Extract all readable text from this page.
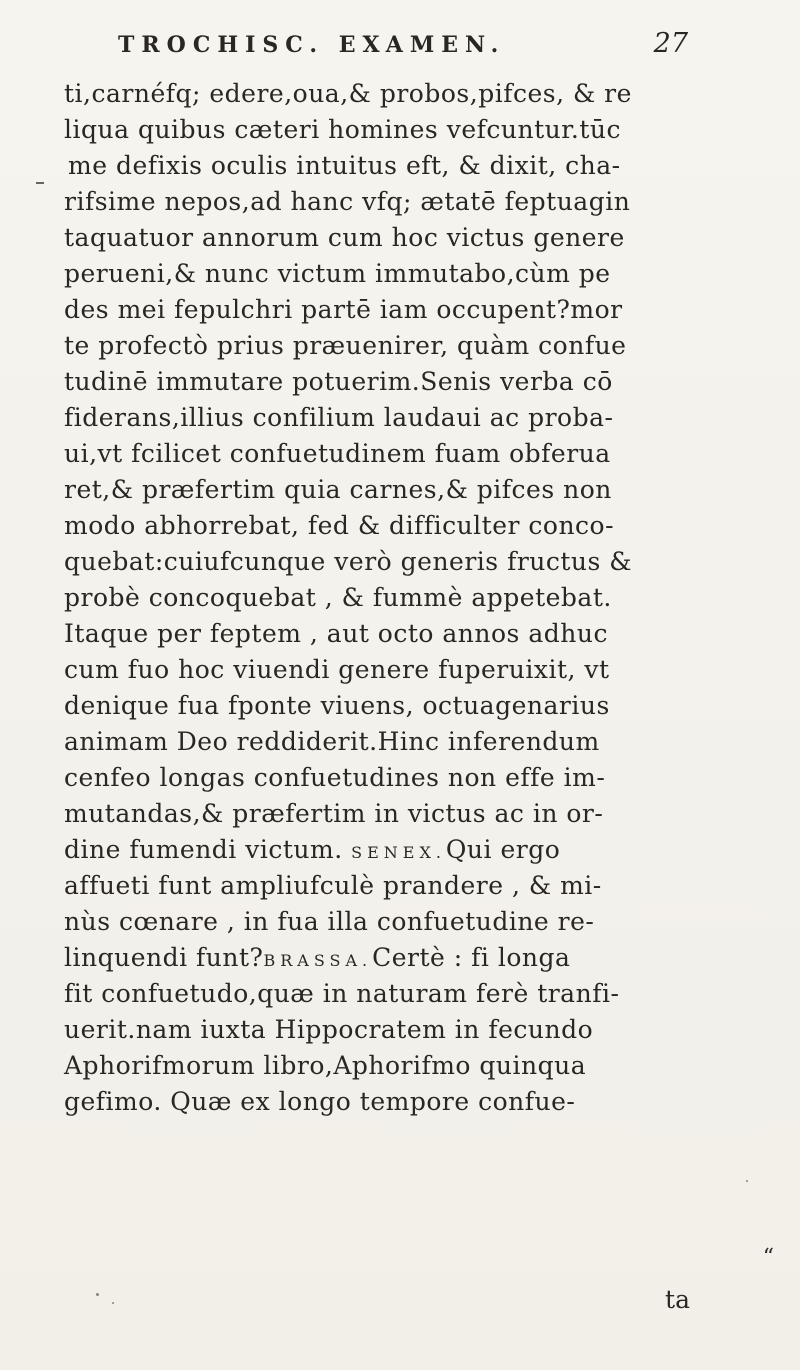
TROCHISC. EXAMEN.	27
ti,carnéfq; edere,oua,& probos,pifces, & re
liqua quibus cæteri homines vefcuntur.tūc
me defixis oculis intuitus eft, & dixit, cha-
rifsime nepos,ad hanc vfq; ætatē feptuagin
taquatuor annorum cum hoc victus genere
perueni,& nunc victum immutabo,cùm pe
des mei fepulchri partē iam occupent?mor
te profectò prius præuenirer, quàm confue
tudinē immutare potuerim.Senis verba cō
fiderans,illius confilium laudaui ac proba-
ui,vt fcilicet confuetudinem fuam obferua
ret,& præfertim quia carnes,& pifces non
modo abhorrebat, fed & difficulter conco-
quebat:cuiufcunque verò generis fructus &
probè concoquebat , & fummè appetebat.
Itaque per feptem , aut octo annos adhuc
cum fuo hoc viuendi genere fuperuixit, vt
denique fua fponte viuens, octuagenarius
animam Deo reddiderit.Hinc inferendum
cenfeo longas confuetudines non effe im-
mutandas,& præfertim in victus ac in or-
dine fumendi victum. SENEX.Qui ergo
affueti funt ampliufculè prandere , & mi-
nùs cœnare , in fua illa confuetudine re-
linquendi funt?BRASSA.Certè : fi longa
fit confuetudo,quæ in naturam ferè tranfi-
uerit.nam iuxta Hippocratem in fecundo
Aphorifmorum libro,Aphorifmo quinqua
gefimo. Quæ ex longo tempore confue-
“
ta
